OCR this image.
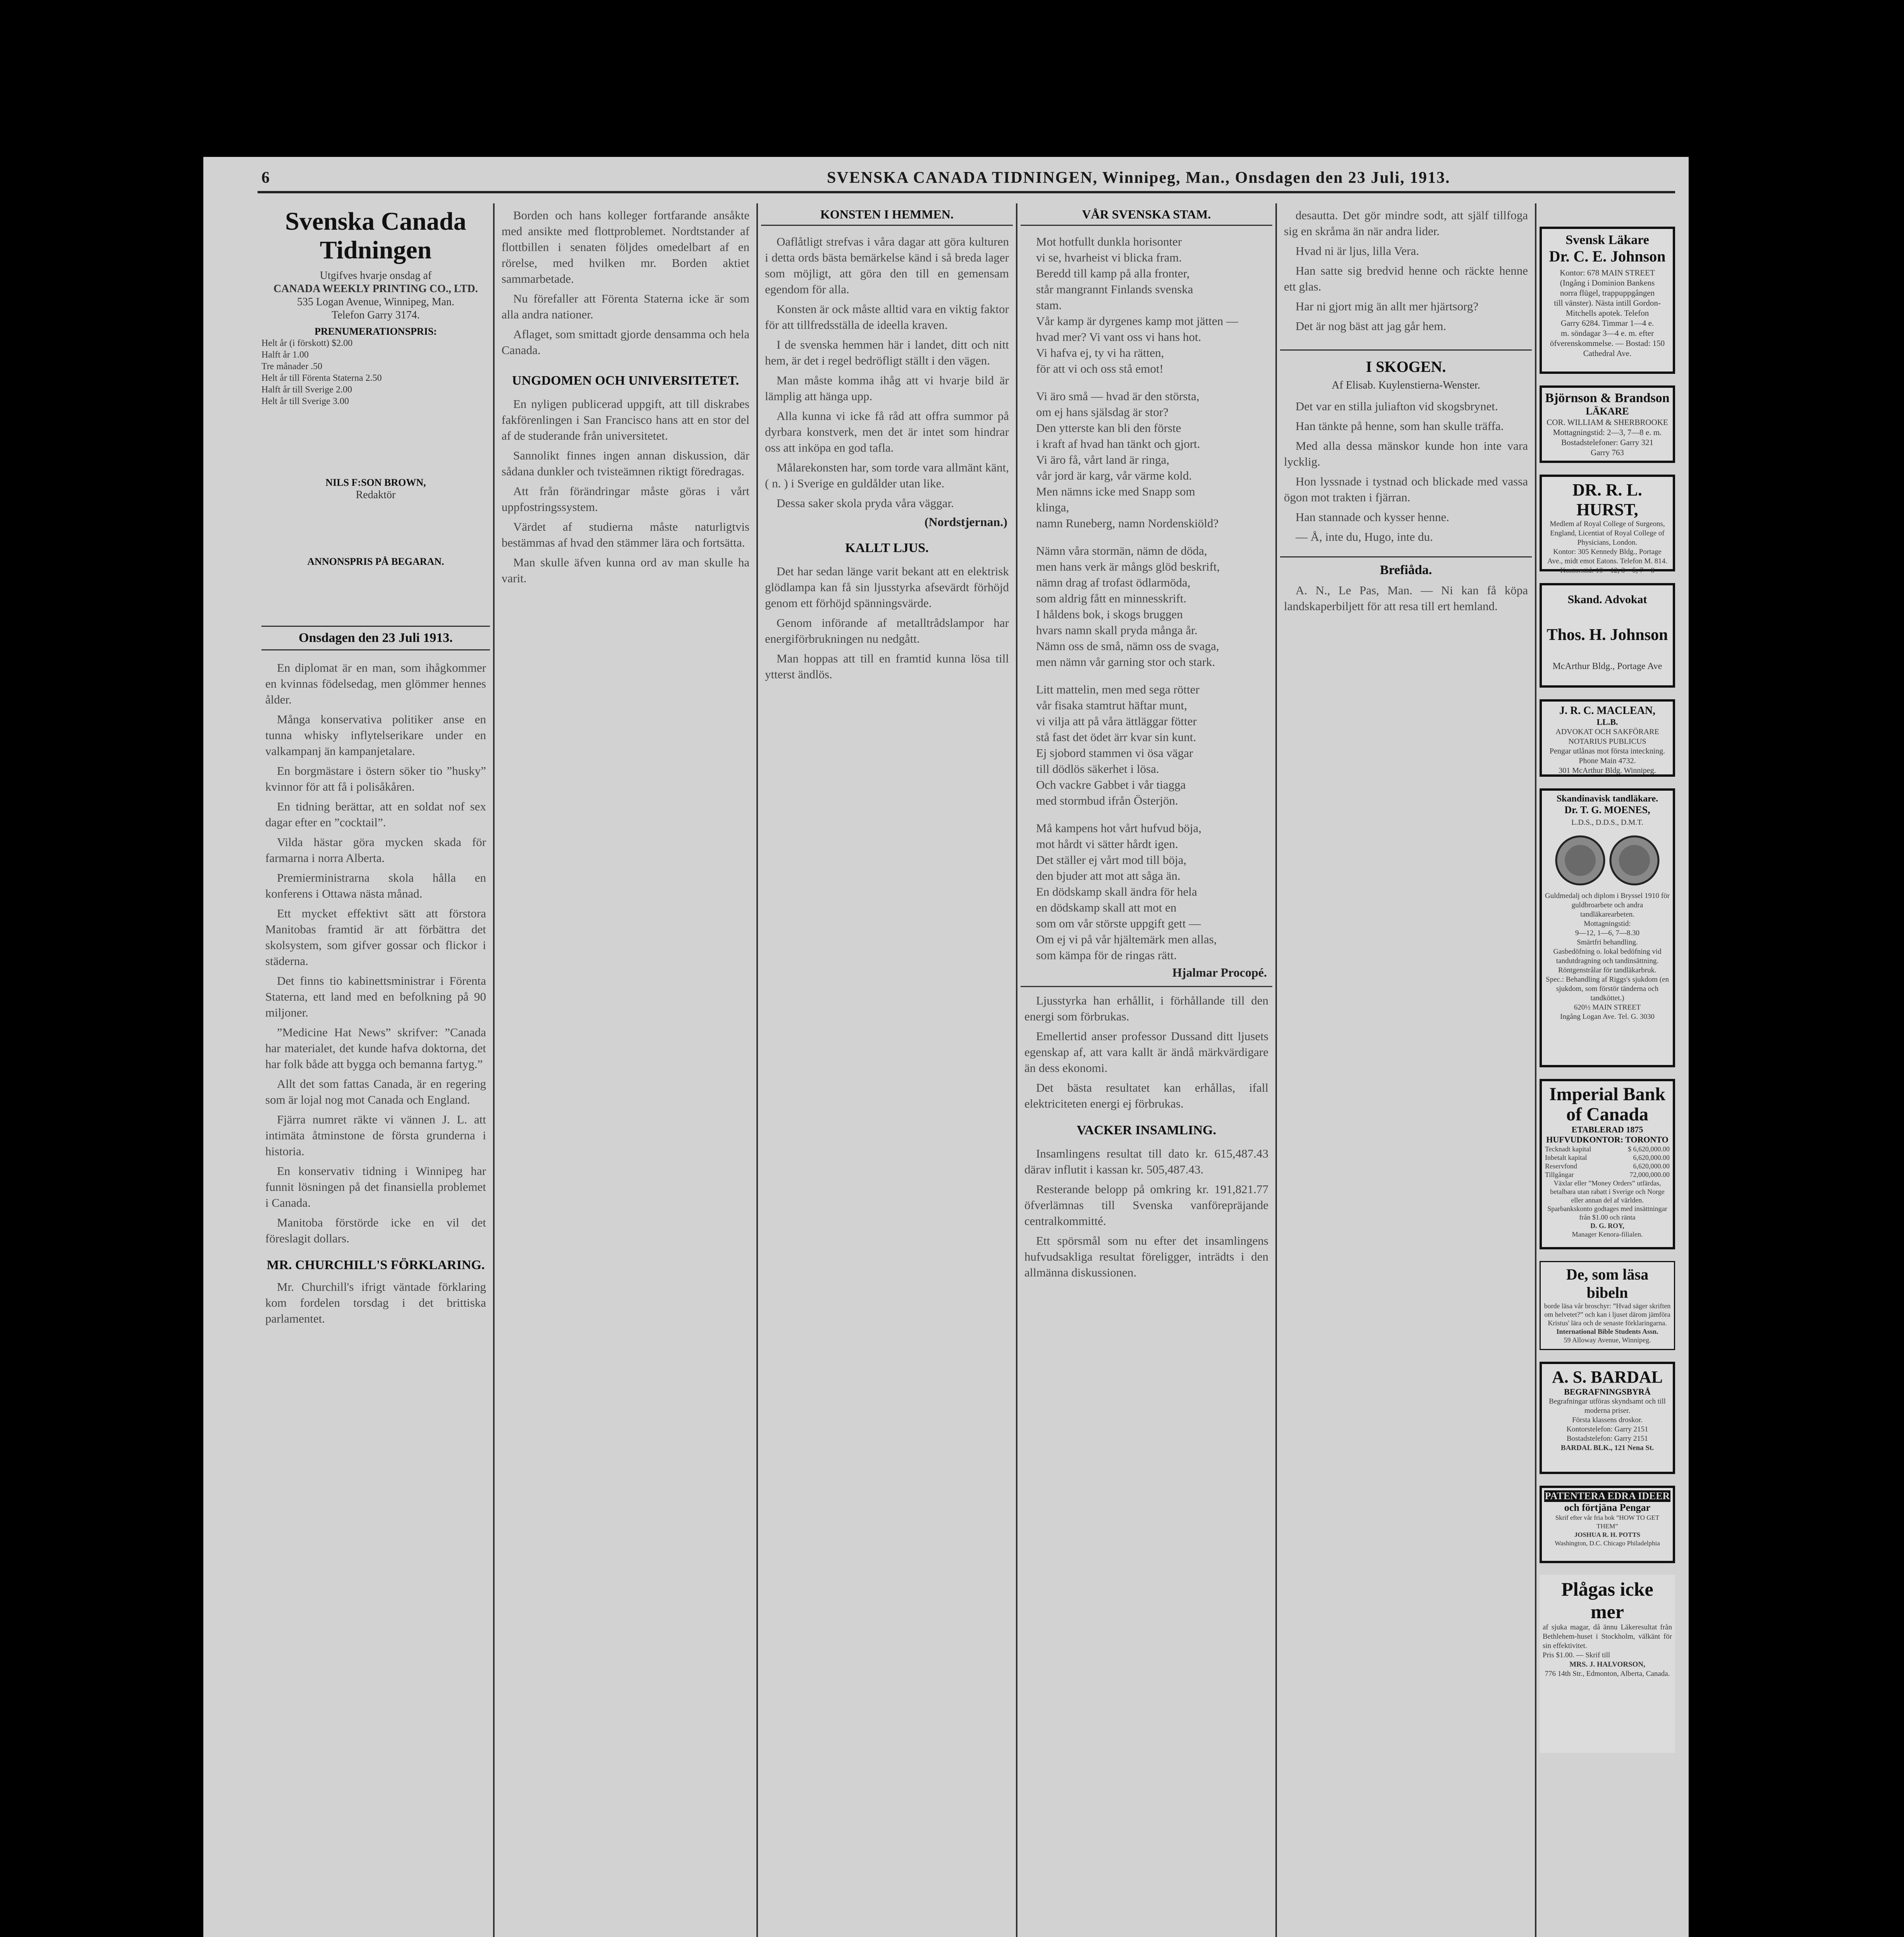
6	SVENSKA CANADA TIDNINGEN, Winnipeg, Man., Onsdagen den 23 Juli, 1913.
Svenska Canada Tidningen
Utgifves hvarje onsdag af
CANADA WEEKLY PRINTING CO., LTD.
535 Logan Avenue, Winnipeg, Man.
Telefon Garry 3174.
PRENUMERATIONSPRIS:
Helt år (i förskott) $2.00
Halft år 1.00
Tre månader .50
Helt år till Förenta Staterna 2.50
Halft år till Sverige 2.00
Helt år till Sverige 3.00
NILS F:SON BROWN,
Redaktör
ANNONSPRIS PÅ BEGARAN.
Onsdagen den 23 Juli 1913.

En diplomat är en man, som ihågkommer en kvinnas födelsedag, men glömmer hennes ålder.

Många konservativa politiker anse en tunna whisky inflytelserikare under en valkampanj än kampanjetalare.

En borgmästare i östern söker tio ”husky” kvinnor för att få i polisåkåren.

En tidning berättar, att en soldat nof sex dagar efter en ”cocktail”.

Vilda hästar göra mycken skada för farmarna i norra Alberta.

Premierministrarna skola hålla en konferens i Ottawa nästa månad.

Ett mycket effektivt sätt att förstora Manitobas framtid är att förbättra det skolsystem, som gifver gossar och flickor i städerna.

Det finns tio kabinettsministrar i Förenta Staterna, ett land med en befolkning på 90 miljoner.

”Medicine Hat News” skrifver: ”Canada har materialet, det kunde hafva doktorna, det har folk både att bygga och bemanna fartyg.”

Allt det som fattas Canada, är en regering som är lojal nog mot Canada och England.

Fjärra numret räkte vi vännen J. L. att intimäta åtminstone de första grunderna i historia.

En konservativ tidning i Winnipeg har funnit lösningen på det finansiella problemet i Canada.

Manitoba förstörde icke en vil det föreslagit dollars.

MR. CHURCHILL'S FÖRKLARING.

Mr. Churchill's ifrigt väntade förklaring kom fordelen torsdag i det brittiska parlamentet.

Borden och hans kolleger fortfarande ansåkte med ansikte med flottproblemet. Nordtstander af flottbillen i senaten följdes omedelbart af en rörelse, med hvilken mr. Borden aktiet sammarbetade.

Nu förefaller att Förenta Staterna icke är som alla andra nationer.

Aflaget, som smittadt gjorde densamma och hela Canada.

UNGDOMEN OCH UNIVERSITETET.

En nyligen publicerad uppgift, att till diskrabes fakförenlingen i San Francisco hans att en stor del af de studerande från universitetet.

Sannolikt finnes ingen annan diskussion, där sådana dunkler och tvisteämnen riktigt föredragas.

Att från förändringar måste göras i vårt uppfostringssystem.

Värdet af studierna måste naturligtvis bestämmas af hvad den stämmer lära och fortsätta.

Man skulle äfven kunna ord av man skulle ha varit.

KONSTEN I HEMMEN.

Oaflåtligt strefvas i våra dagar att göra kulturen i detta ords bästa bemärkelse känd i så breda lager som möjligt, att göra den till en gemensam egendom för alla.

Konsten är ock måste alltid vara en viktig faktor för att tillfredsställa de ideella kraven.

I de svenska hemmen här i landet, ditt och nitt hem, är det i regel bedröfligt ställt i den vägen.

Man måste komma ihåg att vi hvarje bild är lämplig att hänga upp.

Alla kunna vi icke få råd att offra summor på dyrbara konstverk, men det är intet som hindrar oss att inköpa en god tafla.

Målarekonsten har, som torde vara allmänt känt, ( n. ) i Sverige en guldålder utan like.

Dessa saker skola pryda våra väggar.

(Nordstjernan.)
KALLT LJUS.

Det har sedan länge varit bekant att en elektrisk glödlampa kan få sin ljusstyrka afsevärdt förhöjd genom ett förhöjd spänningsvärde.

Genom införande af metalltrådslampor har energiförbrukningen nu nedgått.

Man hoppas att till en framtid kunna lösa till ytterst ändlös.

VÅR SVENSKA STAM.
Mot hotfullt dunkla horisonter
vi se, hvarheist vi blicka fram.
Beredd till kamp på alla fronter,
står mangrannt Finlands svenska
stam.
Vår kamp är dyrgenes kamp mot jätten —
hvad mer? Vi vant oss vi hans hot.
Vi hafva ej, ty vi ha rätten,
för att vi och oss stå emot!
Vi äro små — hvad är den största,
om ej hans själsdag är stor?
Den ytterste kan bli den förste
i kraft af hvad han tänkt och gjort.
Vi äro få, vårt land är ringa,
vår jord är karg, vår värme kold.
Men nämns icke med Snapp som
klinga,
namn Runeberg, namn Nordenskiöld?
Nämn våra stormän, nämn de döda,
men hans verk är mångs glöd beskrift,
nämn drag af trofast ödlarmöda,
som aldrig fått en minnesskrift.
I håldens bok, i skogs bruggen
hvars namn skall pryda många år.
Nämn oss de små, nämn oss de svaga,
men nämn vår garning stor och stark.
Litt mattelin, men med sega rötter
vår fisaka stamtrut häftar munt,
vi vilja att på våra ättläggar fötter
stå fast det ödet ärr kvar sin kunt.
Ej sjobord stammen vi ösa vägar
till dödlös säkerhet i lösa.
Och vackre Gabbet i vår tiagga
med stormbud ifrån Österjön.
Må kampens hot vårt hufvud böja,
mot hårdt vi sätter hårdt igen.
Det ställer ej vårt mod till böja,
den bjuder att mot att såga än.
En dödskamp skall ändra för hela
en dödskamp skall att mot en
som om vår störste uppgift gett —
Om ej vi på vår hjältemärk men allas,
som kämpa för de ringas rätt.
Hjalmar Procopé.

Ljusstyrka han erhållit, i förhållande till den energi som förbrukas.

Emellertid anser professor Dussand ditt ljusets egenskap af, att vara kallt är ändå märkvärdigare än dess ekonomi.

Det bästa resultatet kan erhållas, ifall elektriciteten energi ej förbrukas.

VACKER INSAMLING.

Insamlingens resultat till dato kr. 615,487.43 därav influtit i kassan kr. 505,487.43.

Resterande belopp på omkring kr. 191,821.77 öfverlämnas till Svenska vanförepräjande centralkommitté.

Ett spörsmål som nu efter det insamlingens hufvudsakliga resultat föreligger, inträdts i den allmänna diskussionen.

desautta. Det gör mindre sodt, att själf tillfoga sig en skråma än när andra lider.

Hvad ni är ljus, lilla Vera.

Han satte sig bredvid henne och räckte henne ett glas.

Har ni gjort mig än allt mer hjärtsorg?

Det är nog bäst att jag går hem.

I SKOGEN.
Af Elisab. Kuylenstierna-Wenster.

Det var en stilla juliafton vid skogsbrynet.

Han tänkte på henne, som han skulle träffa.

Med alla dessa mänskor kunde hon inte vara lycklig.

Hon lyssnade i tystnad och blickade med vassa ögon mot trakten i fjärran.

Han stannade och kysser henne.

— Å, inte du, Hugo, inte du.

Brefiåda.

A. N., Le Pas, Man. — Ni kan få köpa landskaperbiljett för att resa till ert hemland.

Svensk Läkare
Dr. C. E. Johnson
Kontor: 678 MAIN STREET
(Ingång i Dominion Bankens
norra flügel, trappuppgången
till vänster). Nästa intill Gordon-Mitchells apotek. Telefon
Garry 6284. Timmar 1—4 e.
m. söndagar 3—4 e. m. efter öfverenskommelse. — Bostad: 150 Cathedral Ave.
Björnson & Brandson
LÄKARE
COR. WILLIAM & SHERBROOKE
Mottagningstid: 2—3, 7—8 e. m.
Bostadstelefoner: Garry 321
Garry 763
DR. R. L. HURST,
Medlem af Royal College of Surgeons, England, Licentiat of Royal College of Physicians, London.
Kontor: 305 Kennedy Bldg., Portage Ave., midt emot Eatons. Telefon M. 814.
Kontorstid: 10—12, 3—5, 7—8
Skand. Advokat
Thos. H. Johnson
McArthur Bldg., Portage Ave
J. R. C. MACLEAN,
LL.B.
ADVOKAT OCH SAKFÖRARE
NOTARIUS PUBLICUS
Pengar utlånas mot första inteckning.
Phone Main 4732.
301 McArthur Bldg. Winnipeg.
Skandinavisk tandläkare.
Dr. T. G. MOENES,
L.D.S., D.D.S., D.M.T.
Guldmedalj och diplom i Bryssel 1910 för guldbroarbete och andra tandläkarearbeten.
Mottagningstid:
9—12, 1—6, 7—8.30
Smärtfri behandling.
Gasbedöfning o. lokal bedöfning vid tandutdragning och tandinsättning.
Röntgenstrålar för tandläkarbruk.
Spec.: Behandling af Riggs's sjukdom (en sjukdom, som förstör tänderna och tandköttet.)
620½ MAIN STREET
Ingång Logan Ave. Tel. G. 3030
Imperial Bank of Canada
ETABLERAD 1875
HUFVUDKONTOR: TORONTO
Tecknadt kapital	$ 6,620,000.00
Inbetalt kapital	6,620,000.00
Reservfond	6,620,000.00
Tillgångar	72,000,000.00
Växlar eller ”Money Orders” utfärdas, betalbara utan rabatt i Sverige och Norge eller annan del af världen.
Sparbankskonto godtages med insättningar från $1.00 och ränta
D. G. ROY,
Manager Kenora-filialen.
De, som läsa bibeln
borde läsa vår broschyr: ”Hvad säger skriften om helvetet?” och kan i ljuset därom jämföra Kristus' lära och de senaste förklaringarna.
International Bible Students Assn.
59 Alloway Avenue, Winnipeg.
A. S. BARDAL
BEGRAFNINGSBYRÅ
Begrafningar utföras skyndsamt och till moderna priser.
Första klassens droskor.
Kontorstelefon: Garry 2151
Bostadstelefon: Garry 2151
BARDAL BLK., 121 Nena St.
PATENTERA EDRA IDEER
och förtjäna Pengar
Skrif efter vår fria bok ”HOW TO GET THEM”
JOSHUA R. H. POTTS
Washington, D.C. Chicago Philadelphia
Plågas icke mer
af sjuka magar, då ännu Läkeresultat från Bethlehem-huset i Stockholm, välkänt för sin effektivitet.
Pris $1.00. — Skrif till
MRS. J. HALVORSON,
776 14th Str., Edmonton, Alberta, Canada.
